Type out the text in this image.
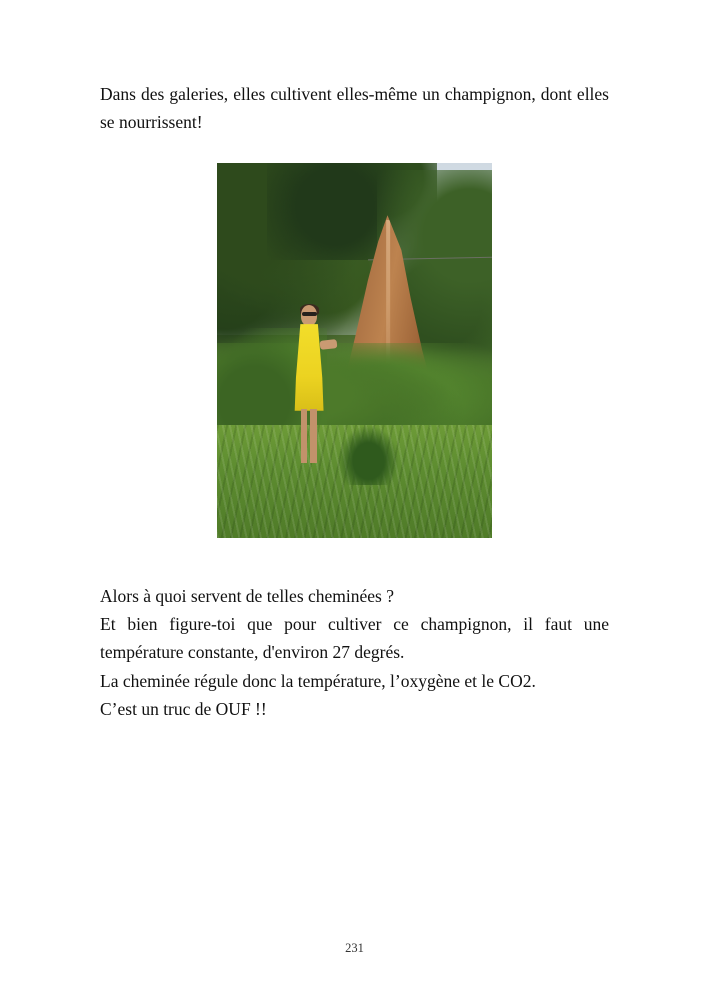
Dans des galeries, elles cultivent elles-même un champignon, dont elles se nourrissent!

Alors à quoi servent de telles cheminées ?

Et bien figure-toi que pour cultiver ce champignon, il faut une température constante, d'environ 27 degrés.

La cheminée régule donc la température, l’oxygène et le CO2.

C’est un truc de OUF !!

231
